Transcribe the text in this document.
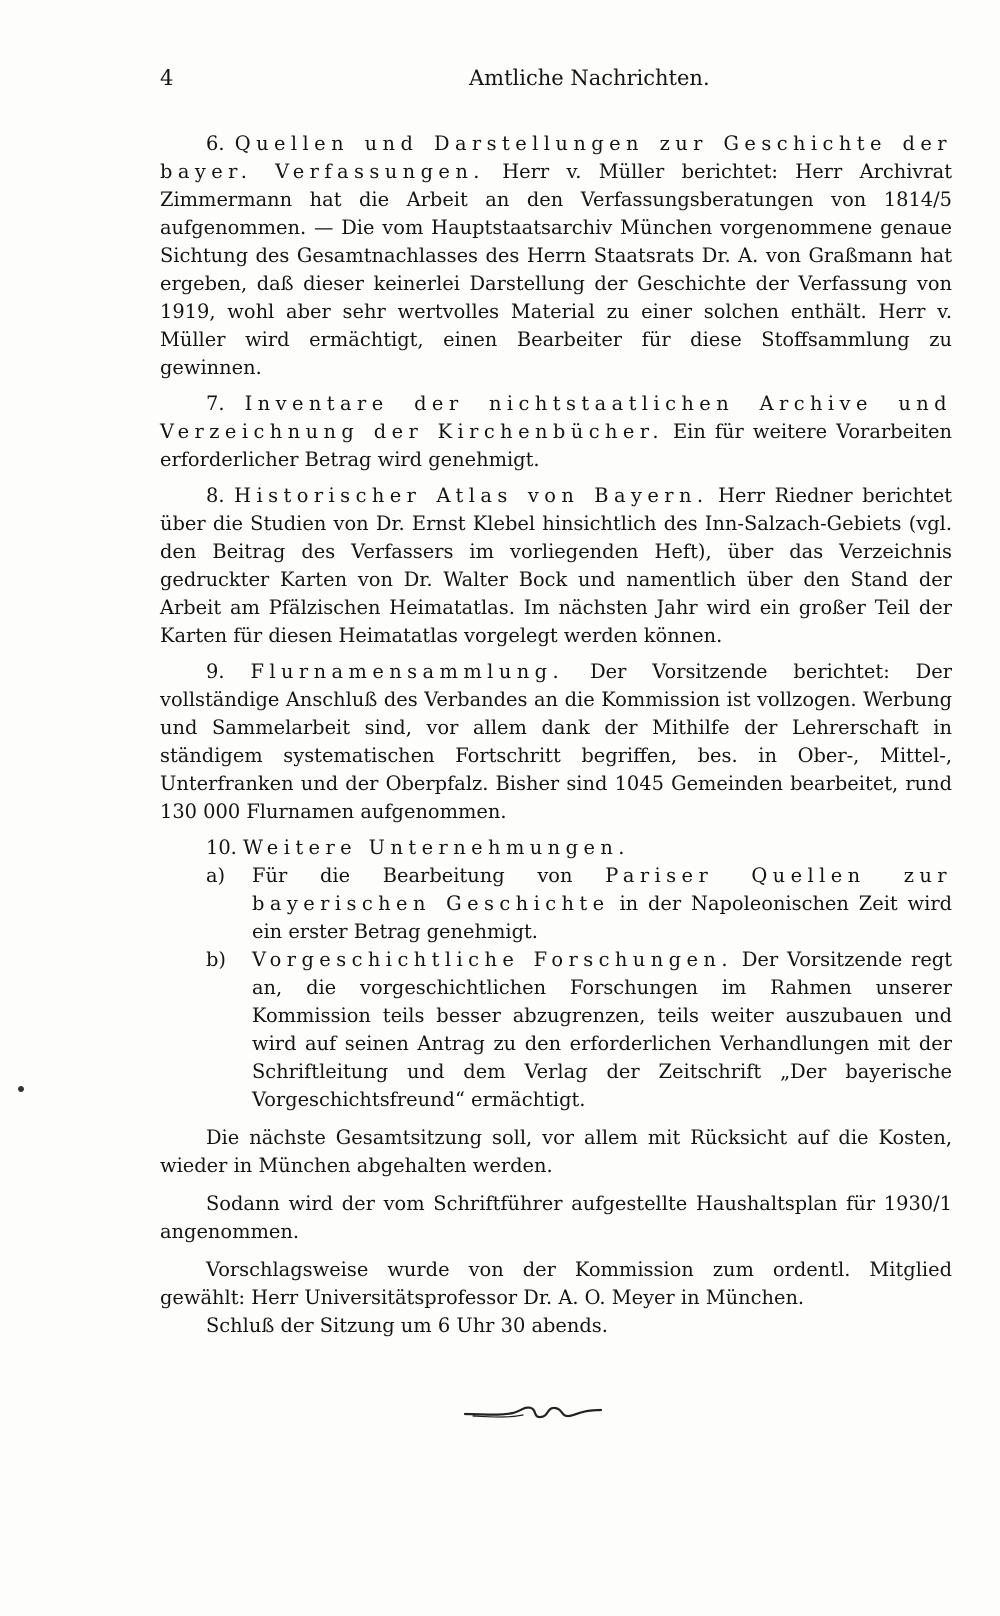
4	Amtliche Nachrichten.

6. Quellen und Darstellungen zur Geschichte der bayer. Verfassungen. Herr v. Müller berichtet: Herr Archivrat Zimmermann hat die Arbeit an den Verfassungsberatungen von 1814/5 aufgenommen. — Die vom Hauptstaatsarchiv München vorgenommene genaue Sichtung des Gesamtnachlasses des Herrn Staatsrats Dr. A. von Graßmann hat ergeben, daß dieser keinerlei Darstellung der Geschichte der Verfassung von 1919, wohl aber sehr wertvolles Material zu einer solchen enthält. Herr v. Müller wird ermächtigt, einen Bearbeiter für diese Stoffsammlung zu gewinnen.

7. Inventare der nichtstaatlichen Archive und Verzeichnung der Kirchenbücher. Ein für weitere Vorarbeiten erforderlicher Betrag wird genehmigt.

8. Historischer Atlas von Bayern. Herr Riedner berichtet über die Studien von Dr. Ernst Klebel hinsichtlich des Inn-Salzach-Gebiets (vgl. den Beitrag des Verfassers im vorliegenden Heft), über das Verzeichnis gedruckter Karten von Dr. Walter Bock und namentlich über den Stand der Arbeit am Pfälzischen Heimatatlas. Im nächsten Jahr wird ein großer Teil der Karten für diesen Heimatatlas vorgelegt werden können.

9. Flurnamensammlung. Der Vorsitzende berichtet: Der vollständige Anschluß des Verbandes an die Kommission ist vollzogen. Werbung und Sammelarbeit sind, vor allem dank der Mithilfe der Lehrerschaft in ständigem systematischen Fortschritt begriffen, bes. in Ober-, Mittel-, Unterfranken und der Oberpfalz. Bisher sind 1045 Gemeinden bearbeitet, rund 130 000 Flurnamen aufgenommen.

10. Weitere Unternehmungen.

a)	Für die Bearbeitung von Pariser Quellen zur bayerischen Geschichte in der Napoleonischen Zeit wird ein erster Betrag genehmigt.
b)	Vorgeschichtliche Forschungen. Der Vorsitzende regt an, die vorgeschichtlichen Forschungen im Rahmen unserer Kommission teils besser abzugrenzen, teils weiter auszubauen und wird auf seinen Antrag zu den erforderlichen Verhandlungen mit der Schriftleitung und dem Verlag der Zeitschrift „Der bayerische Vorgeschichtsfreund“ ermächtigt.

Die nächste Gesamtsitzung soll, vor allem mit Rücksicht auf die Kosten, wieder in München abgehalten werden.

Sodann wird der vom Schriftführer aufgestellte Haushaltsplan für 1930/1 angenommen.

Vorschlagsweise wurde von der Kommission zum ordentl. Mitglied gewählt: Herr Universitätsprofessor Dr. A. O. Meyer in München.

Schluß der Sitzung um 6 Uhr 30 abends.
